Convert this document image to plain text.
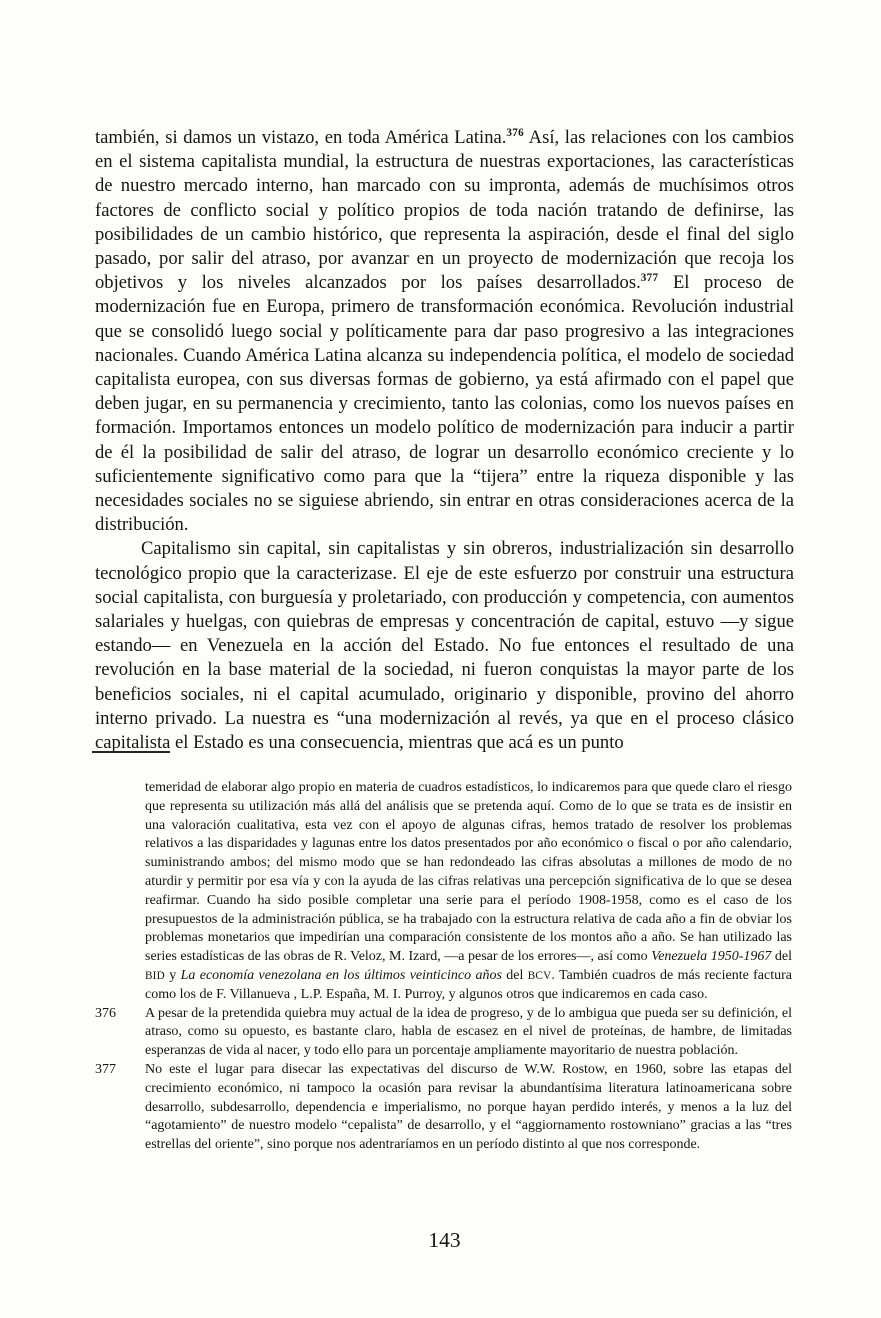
también, si damos un vistazo, en toda América Latina.$^{376}$ Así, las relaciones con los cambios en el sistema capitalista mundial, la estructura de nuestras exportaciones, las características de nuestro mercado interno, han marcado con su impronta, además de muchísimos otros factores de conflicto social y político propios de toda nación tratando de definirse, las posibilidades de un cambio histórico, que representa la aspiración, desde el final del siglo pasado, por salir del atraso, por avanzar en un proyecto de modernización que recoja los objetivos y los niveles alcanzados por los países desarrollados.$^{377}$ El proceso de modernización fue en Europa, primero de transformación económica. Revolución industrial que se consolidó luego social y políticamente para dar paso progresivo a las integraciones nacionales. Cuando América Latina alcanza su independencia política, el modelo de sociedad capitalista europea, con sus diversas formas de gobierno, ya está afirmado con el papel que deben jugar, en su permanencia y crecimiento, tanto las colonias, como los nuevos países en formación. Importamos entonces un modelo político de modernización para inducir a partir de él la posibilidad de salir del atraso, de lograr un desarrollo económico creciente y lo suficientemente significativo como para que la “tijera” entre la riqueza disponible y las necesidades sociales no se siguiese abriendo, sin entrar en otras consideraciones acerca de la distribución.

Capitalismo sin capital, sin capitalistas y sin obreros, industrialización sin desarrollo tecnológico propio que la caracterizase. El eje de este esfuerzo por construir una estructura social capitalista, con burguesía y proletariado, con producción y competencia, con aumentos salariales y huelgas, con quiebras de empresas y concentración de capital, estuvo —y sigue estando— en Venezuela en la acción del Estado. No fue entonces el resultado de una revolución en la base material de la sociedad, ni fueron conquistas la mayor parte de los beneficios sociales, ni el capital acumulado, originario y disponible, provino del ahorro interno privado. La nuestra es “una modernización al revés, ya que en el proceso clásico capitalista el Estado es una consecuencia, mientras que acá es un punto

temeridad de elaborar algo propio en materia de cuadros estadísticos, lo indicaremos para que quede claro el riesgo que representa su utilización más allá del análisis que se pretenda aquí. Como de lo que se trata es de insistir en una valoración cualitativa, esta vez con el apoyo de algunas cifras, hemos tratado de resolver los problemas relativos a las disparidades y lagunas entre los datos presentados por año económico o fiscal o por año calendario, suministrando ambos; del mismo modo que se han redondeado las cifras absolutas a millones de modo de no aturdir y permitir por esa vía y con la ayuda de las cifras relativas una percepción significativa de lo que se desea reafirmar. Cuando ha sido posible completar una serie para el período 1908-1958, como es el caso de los presupuestos de la administración pública, se ha trabajado con la estructura relativa de cada año a fin de obviar los problemas monetarios que impedirían una comparación consistente de los montos año a año. Se han utilizado las series estadísticas de las obras de R. Veloz, M. Izard, —a pesar de los errores—, así como Venezuela 1950-1967 del BID y La economía venezolana en los últimos veinticinco años del BCV. También cuadros de más reciente factura como los de F. Villanueva , L.P. España, M. I. Purroy, y algunos otros que indicaremos en cada caso.
376	A pesar de la pretendida quiebra muy actual de la idea de progreso, y de lo ambigua que pueda ser su definición, el atraso, como su opuesto, es bastante claro, habla de escasez en el nivel de proteínas, de hambre, de limitadas esperanzas de vida al nacer, y todo ello para un porcentaje ampliamente mayoritario de nuestra población.
377	No este el lugar para disecar las expectativas del discurso de W.W. Rostow, en 1960, sobre las etapas del crecimiento económico, ni tampoco la ocasión para revisar la abundantísima literatura latinoamericana sobre desarrollo, subdesarrollo, dependencia e imperialismo, no porque hayan perdido interés, y menos a la luz del “agotamiento” de nuestro modelo “cepalista” de desarrollo, y el “aggiornamento rostowniano” gracias a las “tres estrellas del oriente”, sino porque nos adentraríamos en un período distinto al que nos corresponde.
143
